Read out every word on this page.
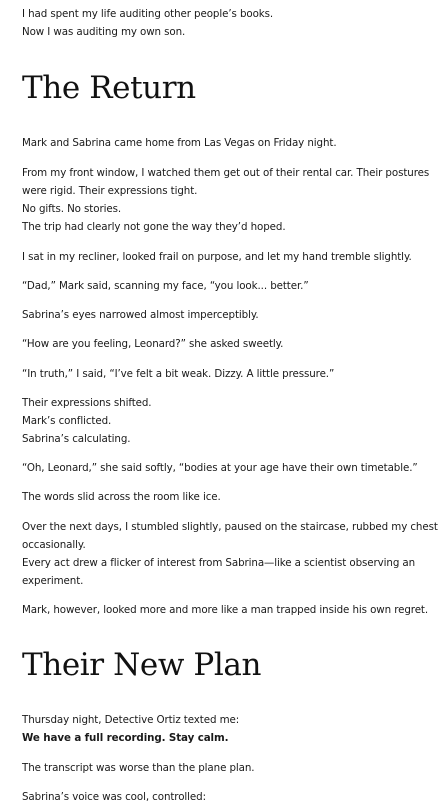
I had spent my life auditing other people’s books.

Now I was auditing my own son.

The Return

Mark and Sabrina came home from Las Vegas on Friday night.

From my front window, I watched them get out of their rental car. Their postures

were rigid. Their expressions tight.

No gifts. No stories.

The trip had clearly not gone the way they’d hoped.

I sat in my recliner, looked frail on purpose, and let my hand tremble slightly.

“Dad,” Mark said, scanning my face, “you look... better.”

Sabrina’s eyes narrowed almost imperceptibly.

“How are you feeling, Leonard?” she asked sweetly.

“In truth,” I said, “I’ve felt a bit weak. Dizzy. A little pressure.”

Their expressions shifted.

Mark’s conflicted.

Sabrina’s calculating.

“Oh, Leonard,” she said softly, “bodies at your age have their own timetable.”

The words slid across the room like ice.

Over the next days, I stumbled slightly, paused on the staircase, rubbed my chest

occasionally.

Every act drew a flicker of interest from Sabrina—like a scientist observing an

experiment.

Mark, however, looked more and more like a man trapped inside his own regret.

Their New Plan

Thursday night, Detective Ortiz texted me:

We have a full recording. Stay calm.

The transcript was worse than the plane plan.

Sabrina’s voice was cool, controlled:
